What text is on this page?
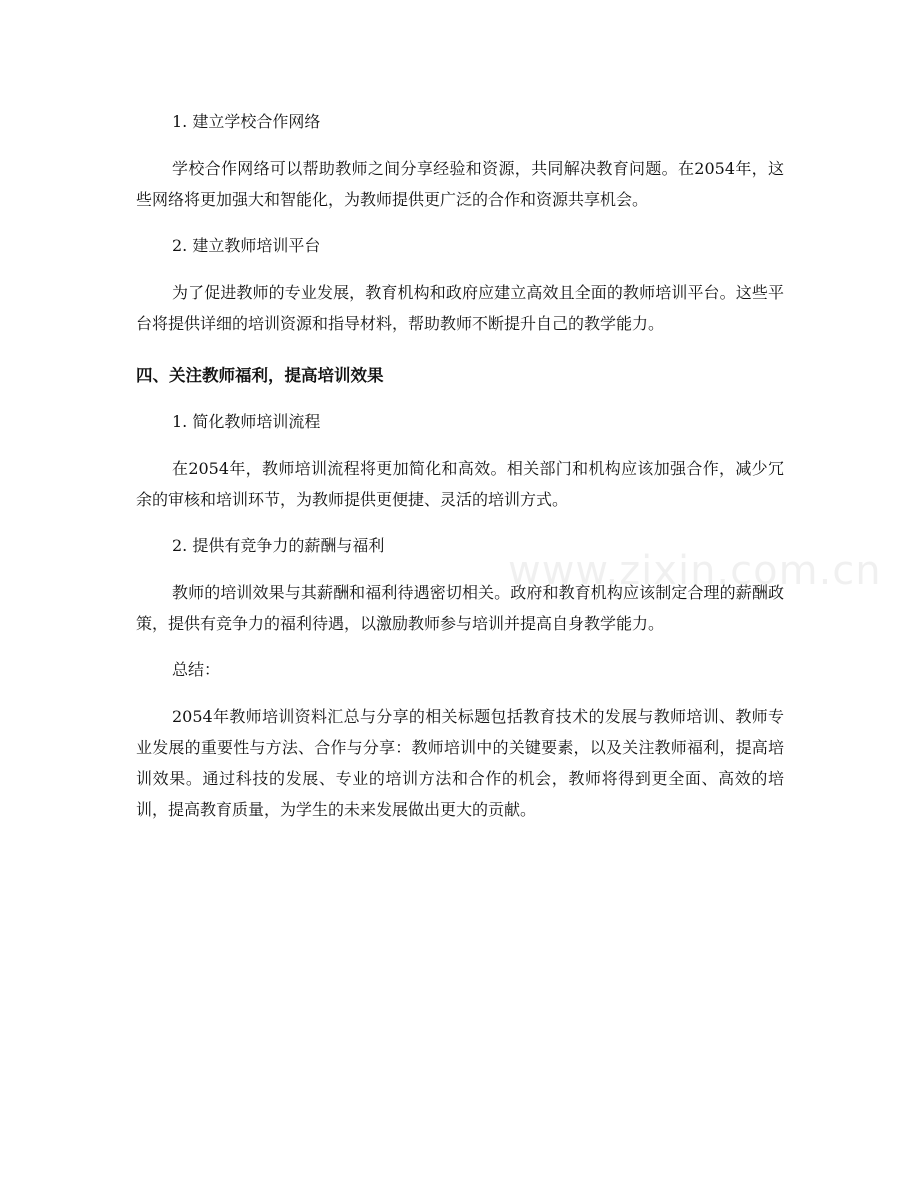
www.zixin.com.cn

1. 建立学校合作网络

学校合作网络可以帮助教师之间分享经验和资源，共同解决教育问题。在2054年，这些网络将更加强大和智能化，为教师提供更广泛的合作和资源共享机会。

2. 建立教师培训平台

为了促进教师的专业发展，教育机构和政府应建立高效且全面的教师培训平台。这些平台将提供详细的培训资源和指导材料，帮助教师不断提升自己的教学能力。

四、关注教师福利，提高培训效果

1. 简化教师培训流程

在2054年，教师培训流程将更加简化和高效。相关部门和机构应该加强合作，减少冗余的审核和培训环节，为教师提供更便捷、灵活的培训方式。

2. 提供有竞争力的薪酬与福利

教师的培训效果与其薪酬和福利待遇密切相关。政府和教育机构应该制定合理的薪酬政策，提供有竞争力的福利待遇，以激励教师参与培训并提高自身教学能力。

总结：

2054年教师培训资料汇总与分享的相关标题包括教育技术的发展与教师培训、教师专业发展的重要性与方法、合作与分享：教师培训中的关键要素，以及关注教师福利，提高培训效果。通过科技的发展、专业的培训方法和合作的机会，教师将得到更全面、高效的培训，提高教育质量，为学生的未来发展做出更大的贡献。
